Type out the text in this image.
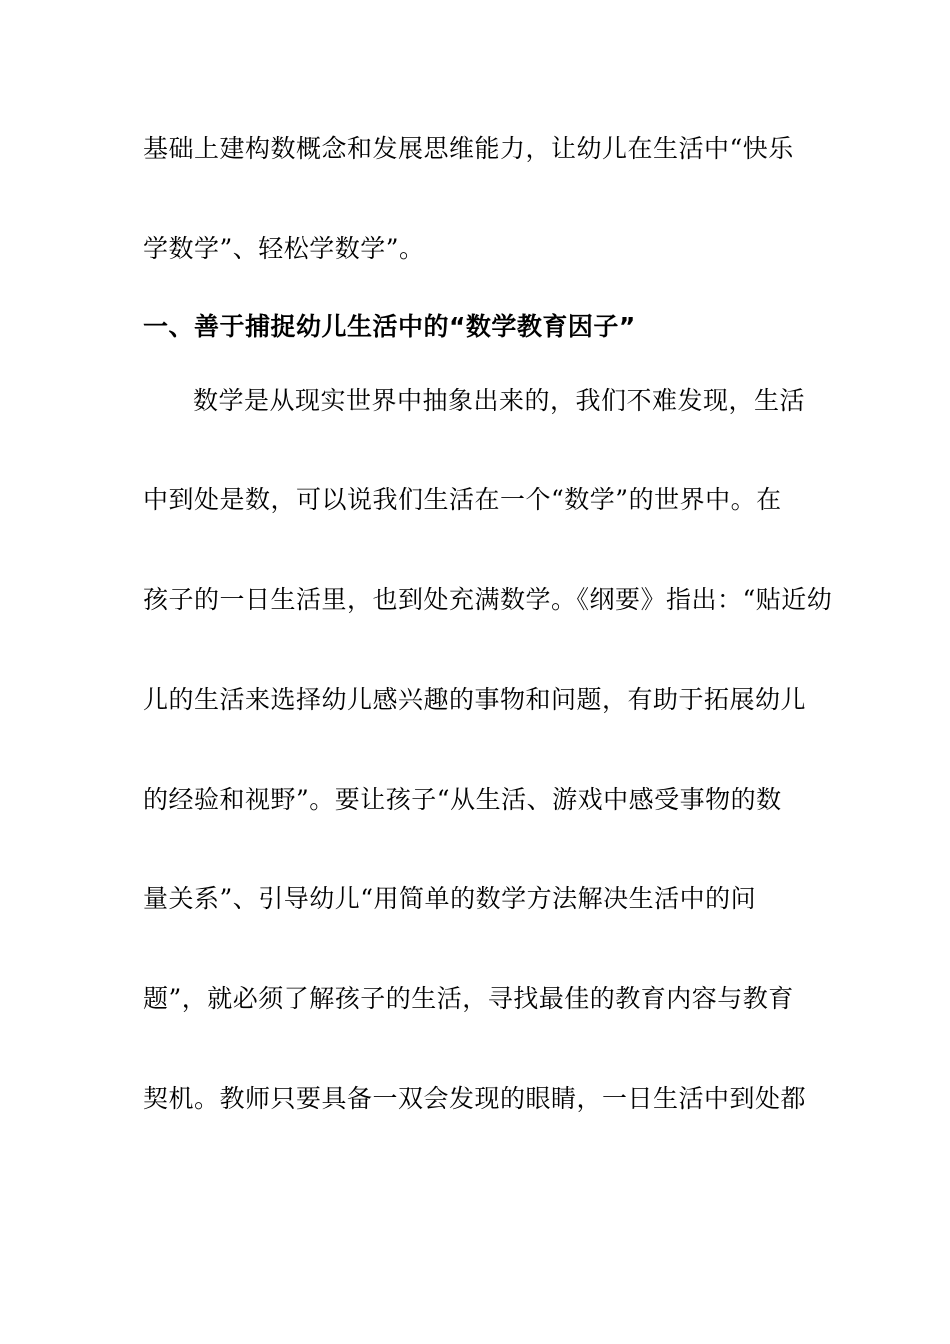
基础上建构数概念和发展思维能力，让幼儿在生活中“快乐
学数学”、轻松学数学”。
一、善于捕捉幼儿生活中的“数学教育因子”
数学是从现实世界中抽象出来的，我们不难发现，生活
中到处是数，可以说我们生活在一个“数学”的世界中。在
孩子的一日生活里，也到处充满数学。《纲要》指出：“贴近幼
儿的生活来选择幼儿感兴趣的事物和问题，有助于拓展幼儿
的经验和视野”。要让孩子“从生活、游戏中感受事物的数
量关系”、引导幼儿“用简单的数学方法解决生活中的问
题”，就必须了解孩子的生活，寻找最佳的教育内容与教育
契机。教师只要具备一双会发现的眼睛，一日生活中到处都
